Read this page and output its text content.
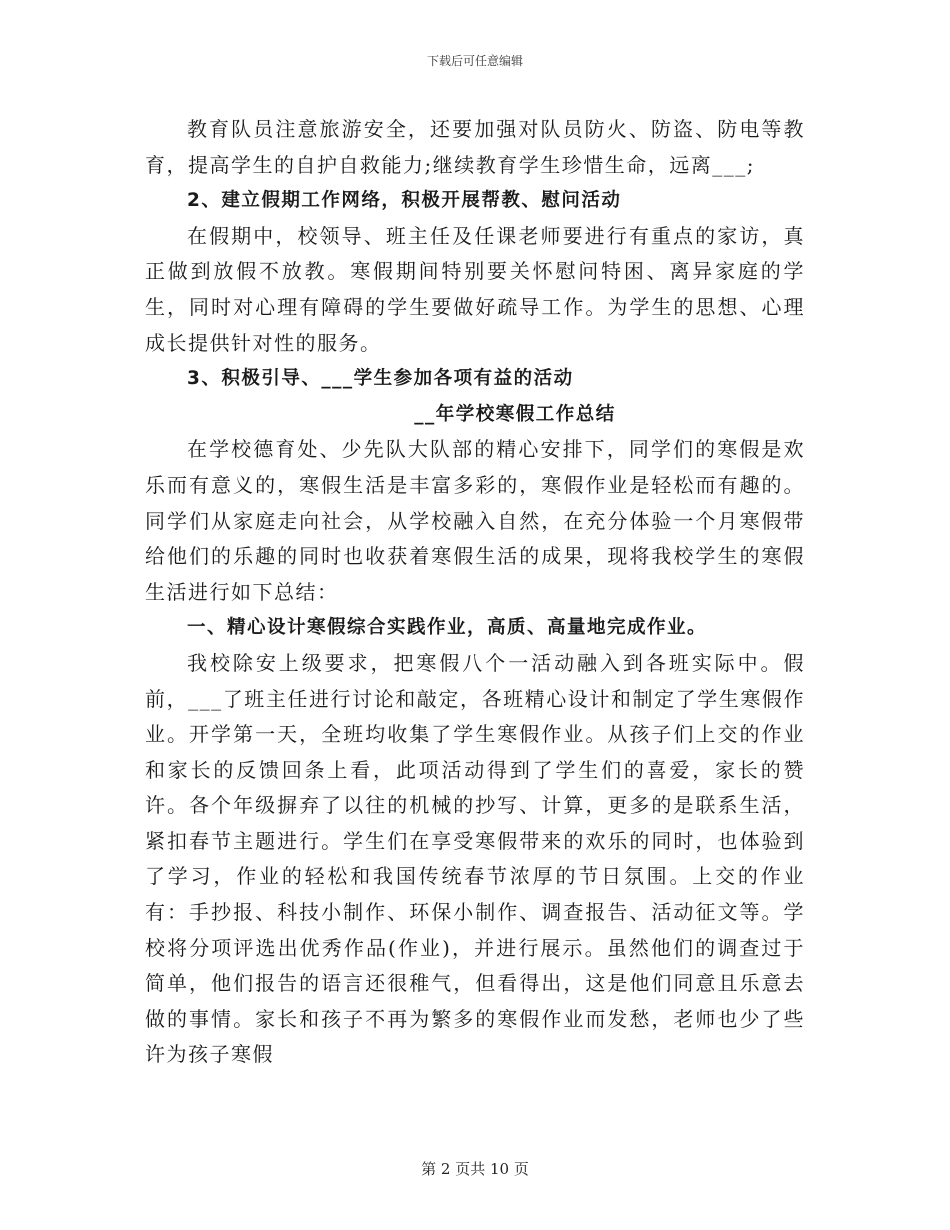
下载后可任意编辑

教育队员注意旅游安全，还要加强对队员防火、防盗、防电等教育，提高学生的自护自救能力;继续教育学生珍惜生命，远离___;

2、建立假期工作网络，积极开展帮教、慰问活动

在假期中，校领导、班主任及任课老师要进行有重点的家访，真正做到放假不放教。寒假期间特别要关怀慰问特困、离异家庭的学生，同时对心理有障碍的学生要做好疏导工作。为学生的思想、心理成长提供针对性的服务。

3、积极引导、___学生参加各项有益的活动

__年学校寒假工作总结

在学校德育处、少先队大队部的精心安排下，同学们的寒假是欢乐而有意义的，寒假生活是丰富多彩的，寒假作业是轻松而有趣的。同学们从家庭走向社会，从学校融入自然，在充分体验一个月寒假带给他们的乐趣的同时也收获着寒假生活的成果，现将我校学生的寒假生活进行如下总结：

一、精心设计寒假综合实践作业，高质、高量地完成作业。

我校除安上级要求，把寒假八个一活动融入到各班实际中。假前，___了班主任进行讨论和敲定，各班精心设计和制定了学生寒假作业。开学第一天，全班均收集了学生寒假作业。从孩子们上交的作业和家长的反馈回条上看，此项活动得到了学生们的喜爱，家长的赞许。各个年级摒弃了以往的机械的抄写、计算，更多的是联系生活，紧扣春节主题进行。学生们在享受寒假带来的欢乐的同时，也体验到了学习，作业的轻松和我国传统春节浓厚的节日氛围。上交的作业有：手抄报、科技小制作、环保小制作、调查报告、活动征文等。学校将分项评选出优秀作品(作业)，并进行展示。虽然他们的调查过于简单，他们报告的语言还很稚气，但看得出，这是他们同意且乐意去做的事情。家长和孩子不再为繁多的寒假作业而发愁，老师也少了些许为孩子寒假

第 2 页共 10 页
